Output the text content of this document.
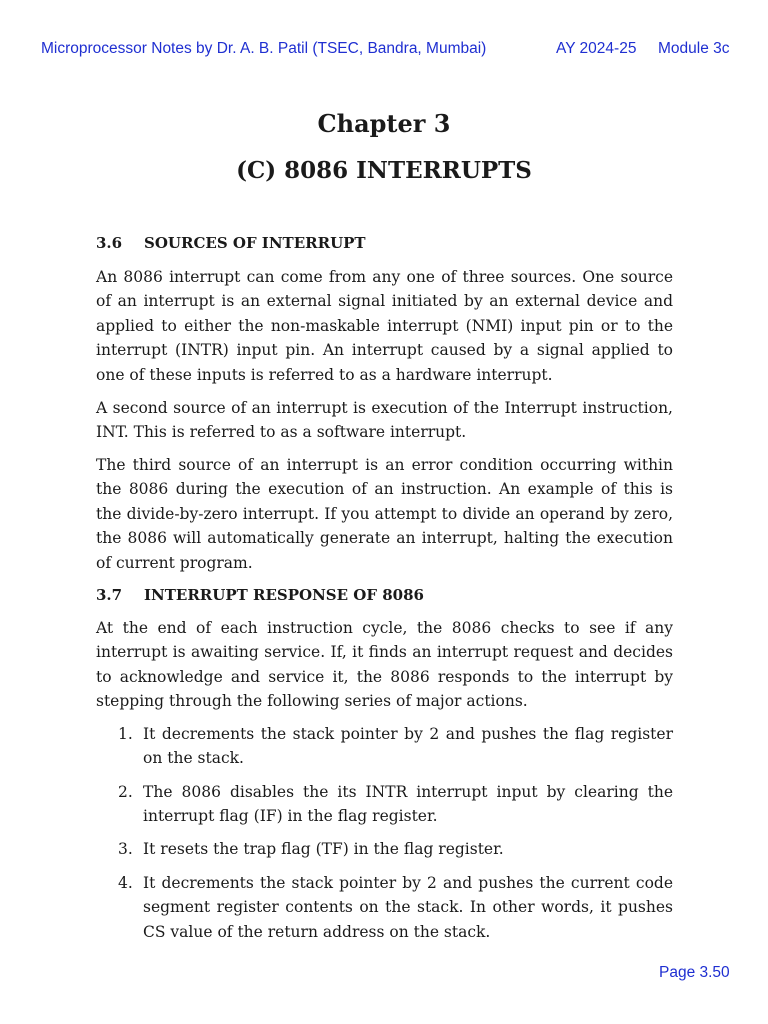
Microprocessor Notes by Dr. A. B. Patil (TSEC, Bandra, Mumbai)	AY 2024-25 Module 3c
Chapter 3
(C) 8086 INTERRUPTS
3.6 SOURCES OF INTERRUPT

An 8086 interrupt can come from any one of three sources. One source of an interrupt is an external signal initiated by an external device and applied to either the non-maskable interrupt (NMI) input pin or to the interrupt (INTR) input pin. An interrupt caused by a signal applied to one of these inputs is referred to as a hardware interrupt.

A second source of an interrupt is execution of the Interrupt instruction, INT. This is referred to as a software interrupt.

The third source of an interrupt is an error condition occurring within the 8086 during the execution of an instruction. An example of this is the divide-by-zero interrupt. If you attempt to divide an operand by zero, the 8086 will automatically generate an interrupt, halting the execution of current program.

3.7 INTERRUPT RESPONSE OF 8086

At the end of each instruction cycle, the 8086 checks to see if any interrupt is awaiting service. If, it finds an interrupt request and decides to acknowledge and service it, the 8086 responds to the interrupt by stepping through the following series of major actions.

1. It decrements the stack pointer by 2 and pushes the flag register on the stack.
2. The 8086 disables the its INTR interrupt input by clearing the interrupt flag (IF) in the flag register.
3. It resets the trap flag (TF) in the flag register.
4. It decrements the stack pointer by 2 and pushes the current code segment register contents on the stack. In other words, it pushes CS value of the return address on the stack.
Page 3.50
